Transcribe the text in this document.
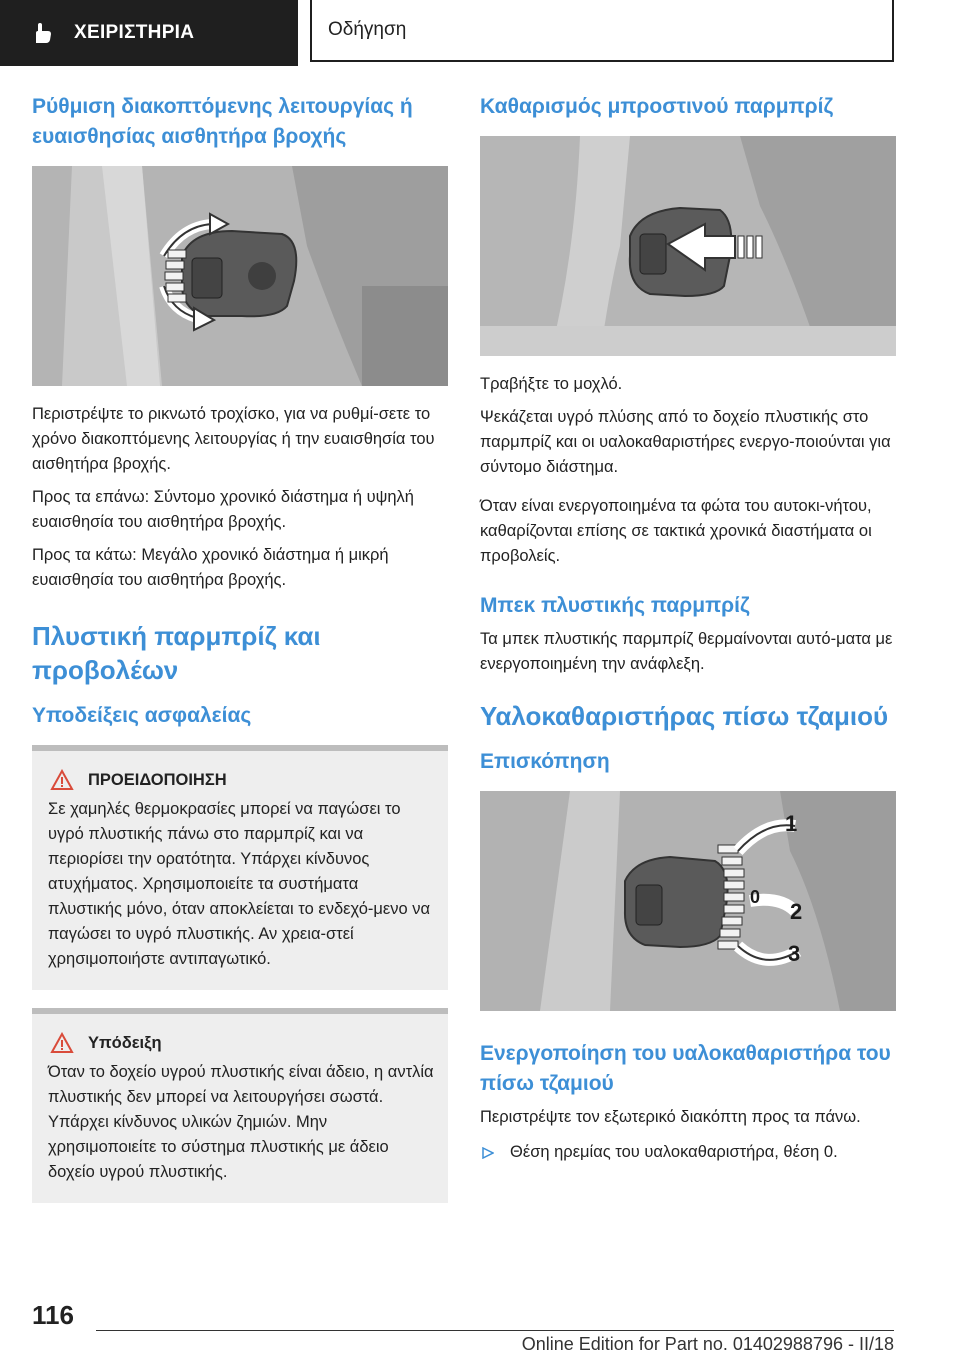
ΧΕΙΡΙΣΤΗΡΙΑ	Οδήγηση
Ρύθμιση διακοπτόμενης λειτουργίας ή ευαισθησίας αισθητήρα βροχής

Περιστρέψτε το ρικνωτό τροχίσκο, για να ρυθμί-σετε το χρόνο διακοπτόμενης λειτουργίας ή την ευαισθησία του αισθητήρα βροχής.

Προς τα επάνω: Σύντομο χρονικό διάστημα ή υψηλή ευαισθησία του αισθητήρα βροχής.

Προς τα κάτω: Μεγάλο χρονικό διάστημα ή μικρή ευαισθησία του αισθητήρα βροχής.

Πλυστική παρμπρίζ και προβολέων
Υποδείξεις ασφαλείας
ΠΡΟΕΙΔΟΠΟΙΗΣΗ

Σε χαμηλές θερμοκρασίες μπορεί να παγώσει το υγρό πλυστικής πάνω στο παρμπρίζ και να περιορίσει την ορατότητα. Υπάρχει κίνδυνος ατυχήματος. Χρησιμοποιείτε τα συστήματα πλυστικής μόνο, όταν αποκλείεται το ενδεχό-μενο να παγώσει το υγρό πλυστικής. Αν χρεια-στεί χρησιμοποιήστε αντιπαγωτικό.

Υπόδειξη

Όταν το δοχείο υγρού πλυστικής είναι άδειο, η αντλία πλυστικής δεν μπορεί να λειτουργήσει σωστά. Υπάρχει κίνδυνος υλικών ζημιών. Μην χρησιμοποιείτε το σύστημα πλυστικής με άδειο δοχείο υγρού πλυστικής.

Καθαρισμός μπροστινού παρμπρίζ

Τραβήξτε το μοχλό.

Ψεκάζεται υγρό πλύσης από το δοχείο πλυστικής στο παρμπρίζ και οι υαλοκαθαριστήρες ενεργο-ποιούνται για σύντομο διάστημα.

Όταν είναι ενεργοποιημένα τα φώτα του αυτοκι-νήτου, καθαρίζονται επίσης σε τακτικά χρονικά διαστήματα οι προβολείς.

Μπεκ πλυστικής παρμπρίζ

Τα μπεκ πλυστικής παρμπρίζ θερμαίνονται αυτό-ματα με ενεργοποιημένη την ανάφλεξη.

Υαλοκαθαριστήρας πίσω τζαμιού
Επισκόπηση
1
0
2
3
Ενεργοποίηση του υαλοκαθαριστήρα του πίσω τζαμιού

Περιστρέψτε τον εξωτερικό διακόπτη προς τα πάνω.

Θέση ηρεμίας του υαλοκαθαριστήρα, θέση 0.
116
Online Edition for Part no. 01402988796 - II/18
